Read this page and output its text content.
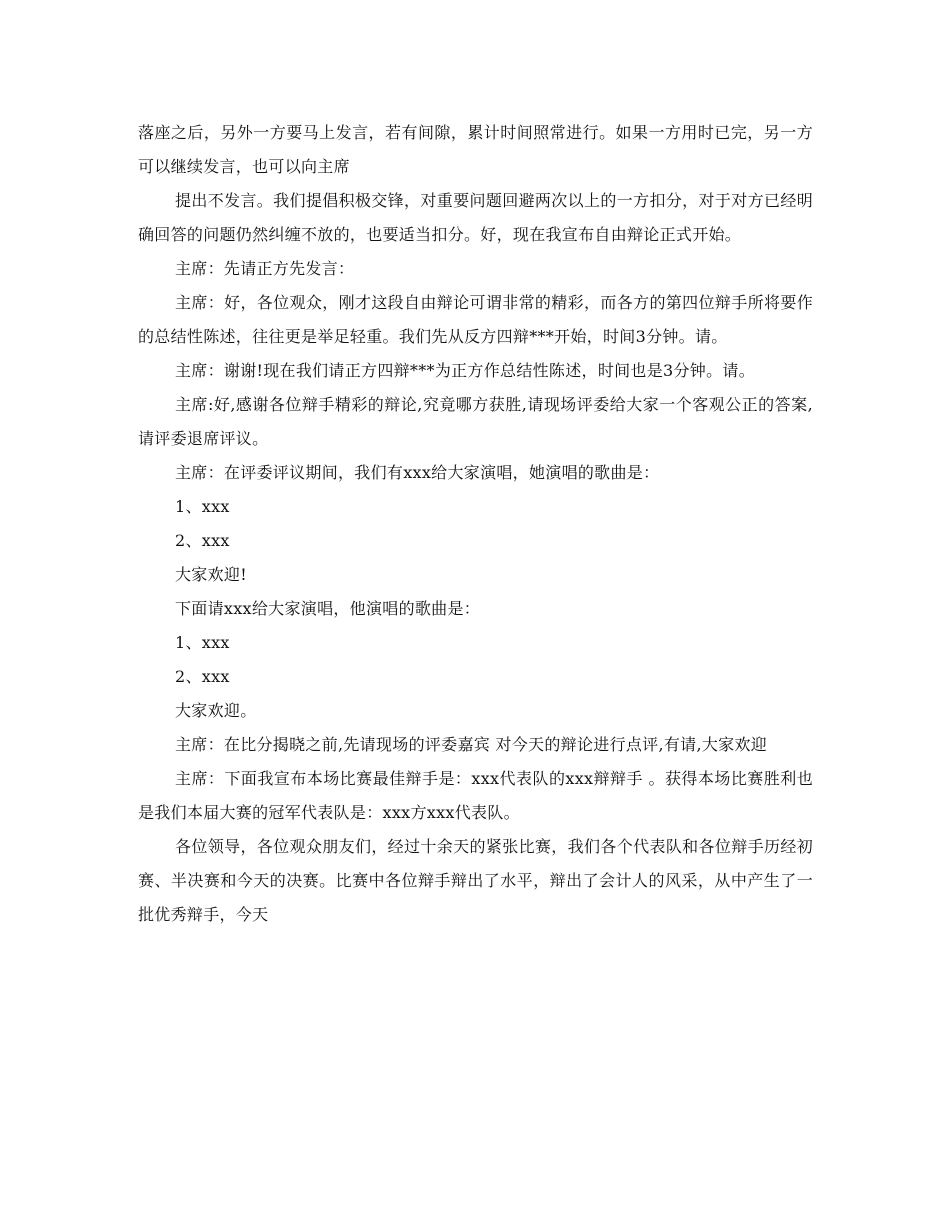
落座之后，另外一方要马上发言，若有间隙，累计时间照常进行。如果一方用时已完，另一方可以继续发言，也可以向主席

提出不发言。我们提倡积极交锋，对重要问题回避两次以上的一方扣分，对于对方已经明确回答的问题仍然纠缠不放的，也要适当扣分。好，现在我宣布自由辩论正式开始。

主席：先请正方先发言：

主席：好，各位观众，刚才这段自由辩论可谓非常的精彩，而各方的第四位辩手所将要作的总结性陈述，往往更是举足轻重。我们先从反方四辩***开始，时间3分钟。请。

主席：谢谢!现在我们请正方四辩***为正方作总结性陈述，时间也是3分钟。请。

主席:好,感谢各位辩手精彩的辩论,究竟哪方获胜,请现场评委给大家一个客观公正的答案,请评委退席评议。

主席：在评委评议期间，我们有xxx给大家演唱，她演唱的歌曲是：

1、xxx

2、xxx

大家欢迎!

下面请xxx给大家演唱，他演唱的歌曲是：

1、xxx

2、xxx

大家欢迎。

主席：在比分揭晓之前,先请现场的评委嘉宾 对今天的辩论进行点评,有请,大家欢迎

主席：下面我宣布本场比赛最佳辩手是：xxx代表队的xxx辩辩手 。获得本场比赛胜利也是我们本届大赛的冠军代表队是：xxx方xxx代表队。

各位领导，各位观众朋友们，经过十余天的紧张比赛，我们各个代表队和各位辩手历经初赛、半决赛和今天的决赛。比赛中各位辩手辩出了水平，辩出了会计人的风采，从中产生了一批优秀辩手，今天
